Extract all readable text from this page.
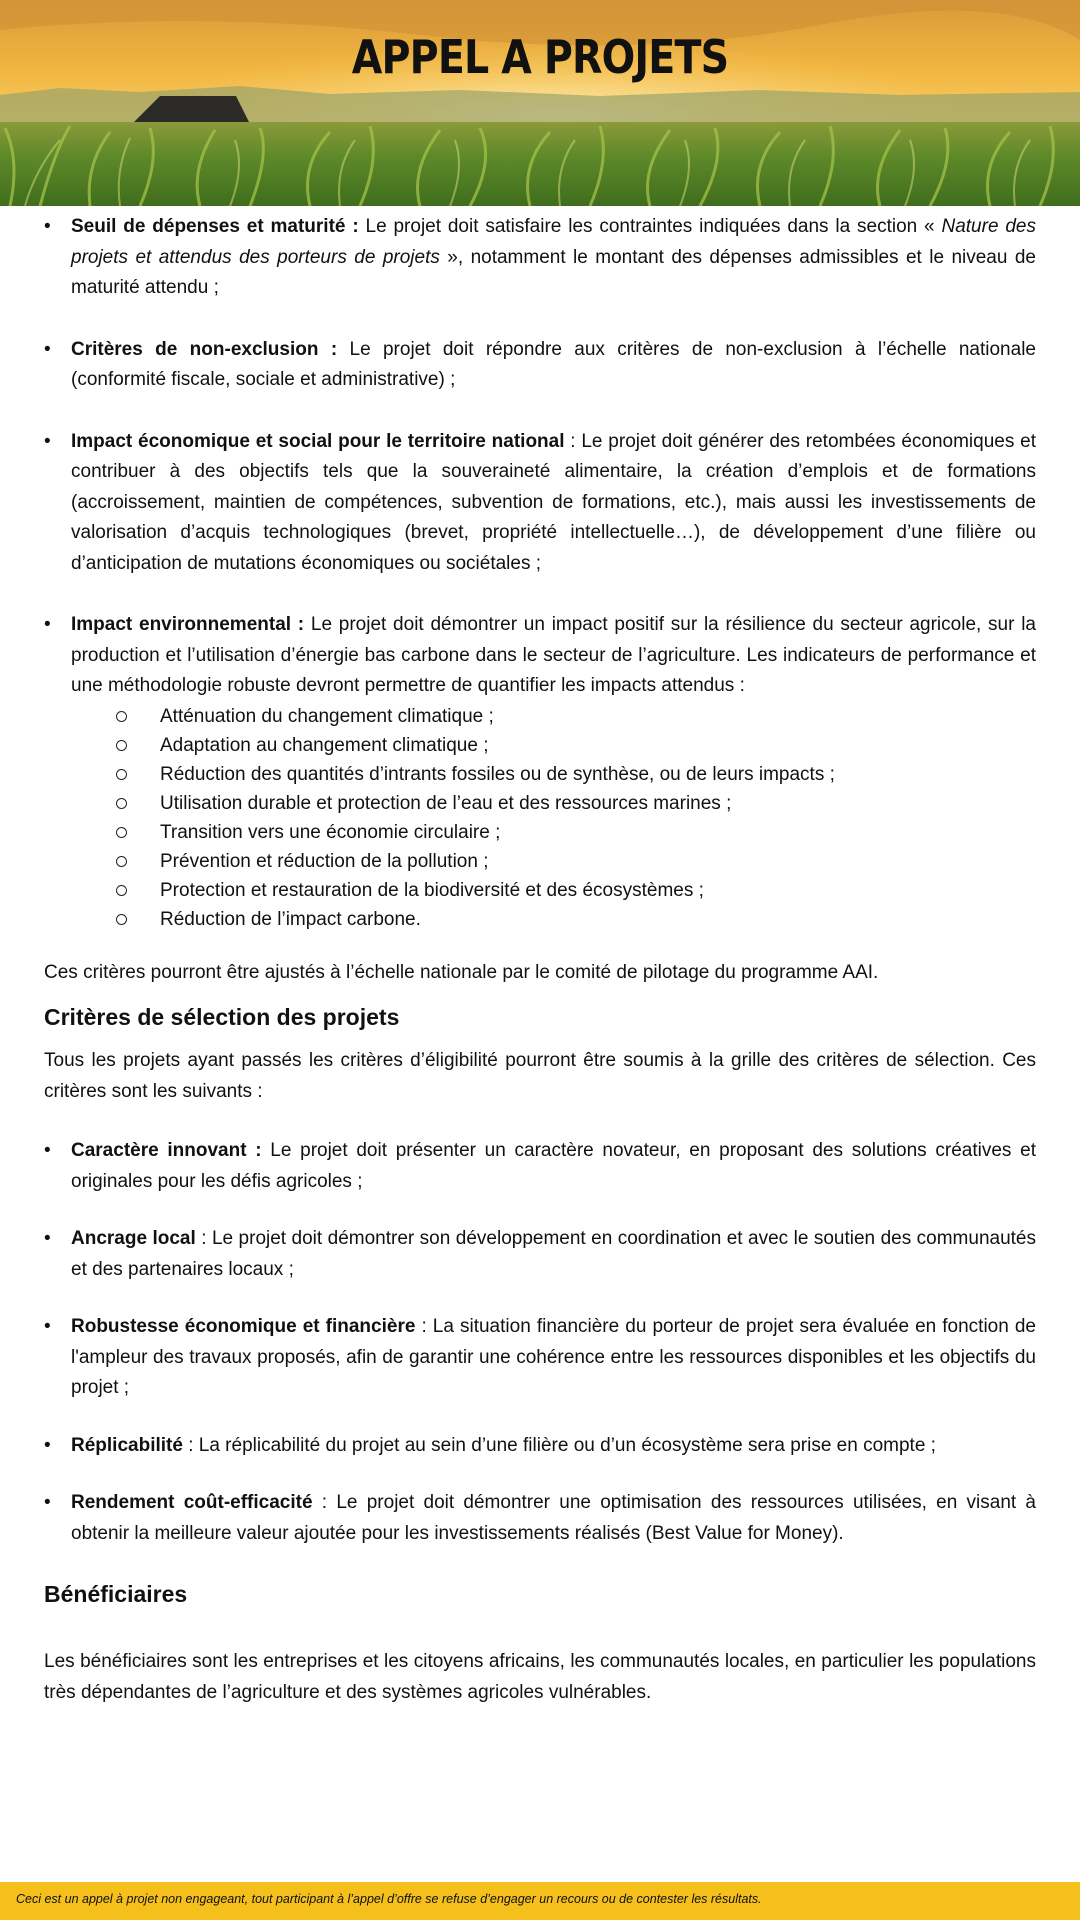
APPEL A PROJETS
• Seuil de dépenses et maturité : Le projet doit satisfaire les contraintes indiquées dans la section « Nature des projets et attendus des porteurs de projets », notamment le montant des dépenses admissibles et le niveau de maturité attendu ;
• Critères de non-exclusion : Le projet doit répondre aux critères de non-exclusion à l’échelle nationale (conformité fiscale, sociale et administrative) ;
• Impact économique et social pour le territoire national : Le projet doit générer des retombées économiques et contribuer à des objectifs tels que la souveraineté alimentaire, la création d’emplois et de formations (accroissement, maintien de compétences, subvention de formations, etc.), mais aussi les investissements de valorisation d’acquis technologiques (brevet, propriété intellectuelle…), de développement d’une filière ou d’anticipation de mutations économiques ou sociétales ;
• Impact environnemental : Le projet doit démontrer un impact positif sur la résilience du secteur agricole, sur la production et l’utilisation d’énergie bas carbone dans le secteur de l’agriculture. Les indicateurs de performance et une méthodologie robuste devront permettre de quantifier les impacts attendus :
Atténuation du changement climatique ;
Adaptation au changement climatique ;
Réduction des quantités d’intrants fossiles ou de synthèse, ou de leurs impacts ;
Utilisation durable et protection de l’eau et des ressources marines ;
Transition vers une économie circulaire ;
Prévention et réduction de la pollution ;
Protection et restauration de la biodiversité et des écosystèmes ;
Réduction de l’impact carbone.

Ces critères pourront être ajustés à l’échelle nationale par le comité de pilotage du programme AAI.

Critères de sélection des projets

Tous les projets ayant passés les critères d’éligibilité pourront être soumis à la grille des critères de sélection. Ces critères sont les suivants :

• Caractère innovant : Le projet doit présenter un caractère novateur, en proposant des solutions créatives et originales pour les défis agricoles ;
• Ancrage local : Le projet doit démontrer son développement en coordination et avec le soutien des communautés et des partenaires locaux ;
• Robustesse économique et financière : La situation financière du porteur de projet sera évaluée en fonction de l'ampleur des travaux proposés, afin de garantir une cohérence entre les ressources disponibles et les objectifs du projet ;
• Réplicabilité : La réplicabilité du projet au sein d’une filière ou d’un écosystème sera prise en compte ;
• Rendement coût-efficacité : Le projet doit démontrer une optimisation des ressources utilisées, en visant à obtenir la meilleure valeur ajoutée pour les investissements réalisés (Best Value for Money).
Bénéficiaires

Les bénéficiaires sont les entreprises et les citoyens africains, les communautés locales, en particulier les populations très dépendantes de l’agriculture et des systèmes agricoles vulnérables.

Ceci est un appel à projet non engageant, tout participant à l’appel d’offre se refuse d’engager un recours ou de contester les résultats.
